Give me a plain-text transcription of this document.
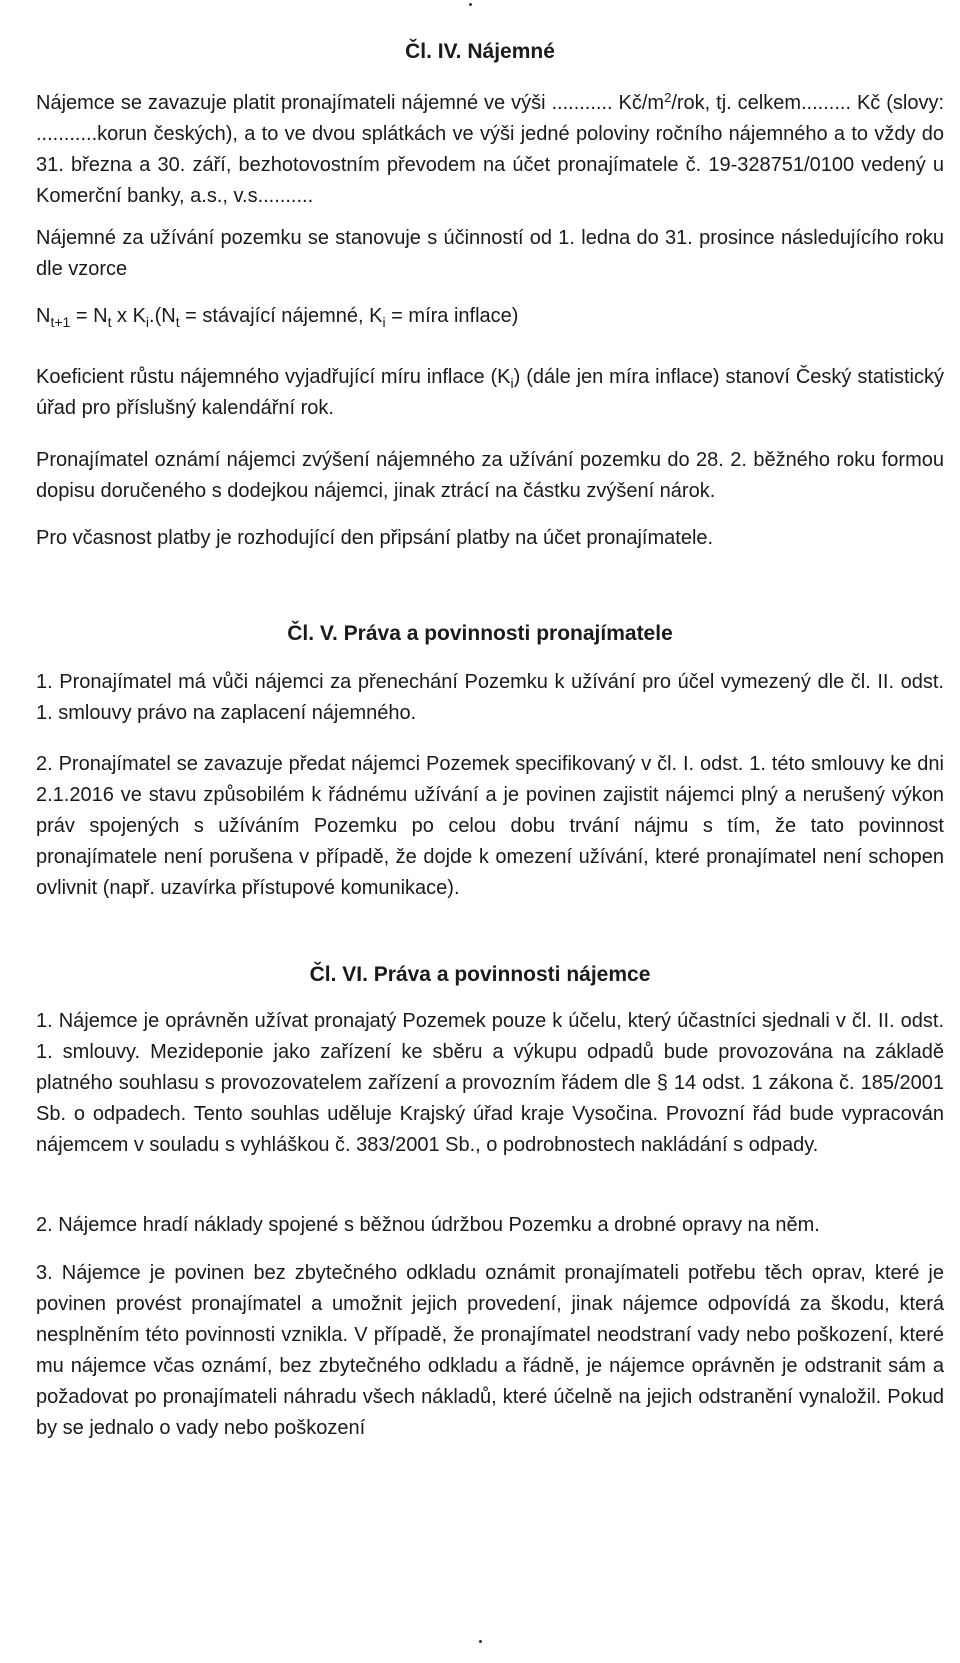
Čl. IV. Nájemné
Nájemce se zavazuje platit pronajímateli nájemné ve výši ........... $Kč/m^2$/rok, tj. celkem......... Kč (slovy: ...........korun českých), a to ve dvou splátkách ve výši jedné poloviny ročního nájemného a to vždy do 31. března a 30. září, bezhotovostním převodem na účet pronajímatele č. 19-328751/0100 vedený u Komerční banky, a.s., v.s..........
Nájemné za užívání pozemku se stanovuje s účinností od 1. ledna do 31. prosince následujícího roku dle vzorce
$N_{t+1} = N_t$ x $K_i.(N_t$ = stávající nájemné, $K_i$ = míra inflace)
Koeficient růstu nájemného vyjadřující míru inflace $(K_i)$ (dále jen míra inflace) stanoví Český statistický úřad pro příslušný kalendářní rok.
Pronajímatel oznámí nájemci zvýšení nájemného za užívání pozemku do 28. 2. běžného roku formou dopisu doručeného s dodejkou nájemci, jinak ztrácí na částku zvýšení nárok.
Pro včasnost platby je rozhodující den připsání platby na účet pronajímatele.
Čl. V. Práva a povinnosti pronajímatele
1. Pronajímatel má vůči nájemci za přenechání Pozemku k užívání pro účel vymezený dle čl. II. odst. 1. smlouvy právo na zaplacení nájemného.
2. Pronajímatel se zavazuje předat nájemci Pozemek specifikovaný v čl. I. odst. 1. této smlouvy ke dni 2.1.2016 ve stavu způsobilém k řádnému užívání a je povinen zajistit nájemci plný a nerušený výkon práv spojených s užíváním Pozemku po celou dobu trvání nájmu s tím, že tato povinnost pronajímatele není porušena v případě, že dojde k omezení užívání, které pronajímatel není schopen ovlivnit (např. uzavírka přístupové komunikace).
Čl. VI. Práva a povinnosti nájemce
1. Nájemce je oprávněn užívat pronajatý Pozemek pouze k účelu, který účastníci sjednali v čl. II. odst. 1. smlouvy. Mezideponie jako zařízení ke sběru a výkupu odpadů bude provozována na základě platného souhlasu s provozovatelem zařízení a provozním řádem dle § 14 odst. 1 zákona č. 185/2001 Sb. o odpadech. Tento souhlas uděluje Krajský úřad kraje Vysočina. Provozní řád bude vypracován nájemcem v souladu s vyhláškou č. 383/2001 Sb., o podrobnostech nakládání s odpady.
2. Nájemce hradí náklady spojené s běžnou údržbou Pozemku a drobné opravy na něm.
3. Nájemce je povinen bez zbytečného odkladu oznámit pronajímateli potřebu těch oprav, které je povinen provést pronajímatel a umožnit jejich provedení, jinak nájemce odpovídá za škodu, která nesplněním této povinnosti vznikla. V případě, že pronajímatel neodstraní vady nebo poškození, které mu nájemce včas oznámí, bez zbytečného odkladu a řádně, je nájemce oprávněn je odstranit sám a požadovat po pronajímateli náhradu všech nákladů, které účelně na jejich odstranění vynaložil. Pokud by se jednalo o vady nebo poškození
